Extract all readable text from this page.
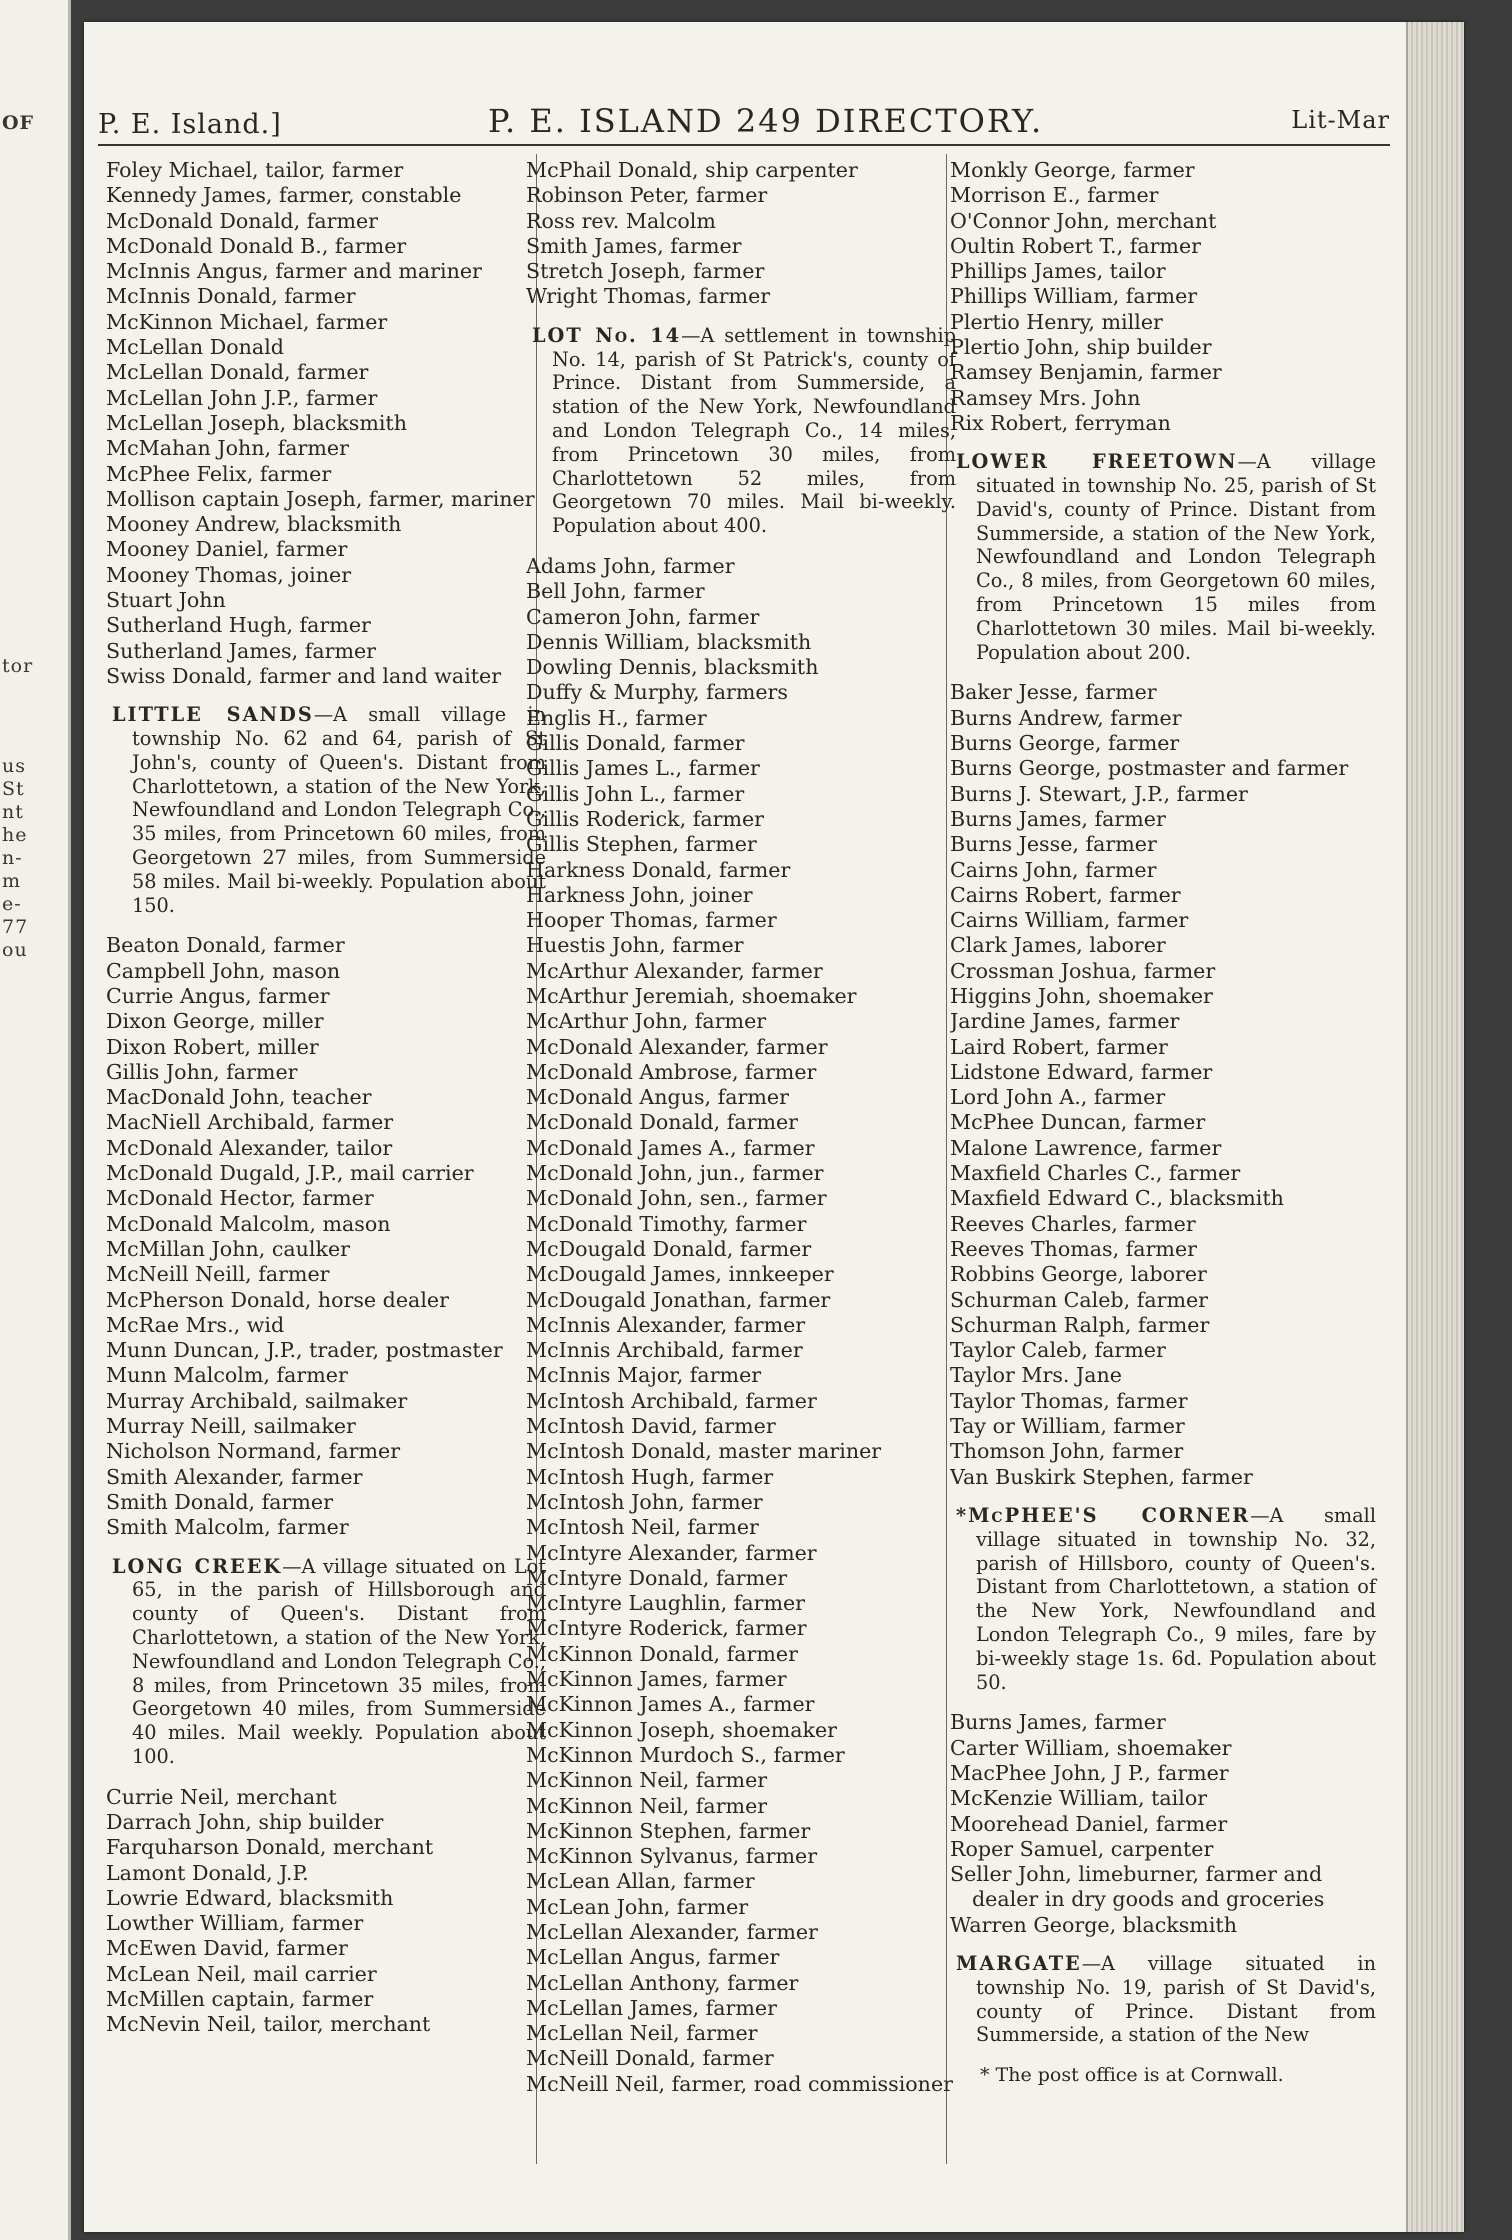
OF
tor
us
St
nt
he
n-
m
e-
77
ou
P. E. Island.]	P. E. ISLAND 249 DIRECTORY.	Lit-Mar
Foley Michael, tailor, farmer
Kennedy James, farmer, constable
McDonald Donald, farmer
McDonald Donald B., farmer
McInnis Angus, farmer and mariner
McInnis Donald, farmer
McKinnon Michael, farmer
McLellan Donald
McLellan Donald, farmer
McLellan John J.P., farmer
McLellan Joseph, blacksmith
McMahan John, farmer
McPhee Felix, farmer
Mollison captain Joseph, farmer, mariner
Mooney Andrew, blacksmith
Mooney Daniel, farmer
Mooney Thomas, joiner
Stuart John
Sutherland Hugh, farmer
Sutherland James, farmer
Swiss Donald, farmer and land waiter
LITTLE SANDS—A small village in township No. 62 and 64, parish of St John's, county of Queen's. Distant from Charlottetown, a station of the New York, Newfoundland and London Telegraph Co., 35 miles, from Princetown 60 miles, from Georgetown 27 miles, from Summerside 58 miles. Mail bi-weekly. Population about 150.
Beaton Donald, farmer
Campbell John, mason
Currie Angus, farmer
Dixon George, miller
Dixon Robert, miller
Gillis John, farmer
MacDonald John, teacher
MacNiell Archibald, farmer
McDonald Alexander, tailor
McDonald Dugald, J.P., mail carrier
McDonald Hector, farmer
McDonald Malcolm, mason
McMillan John, caulker
McNeill Neill, farmer
McPherson Donald, horse dealer
McRae Mrs., wid
Munn Duncan, J.P., trader, postmaster
Munn Malcolm, farmer
Murray Archibald, sailmaker
Murray Neill, sailmaker
Nicholson Normand, farmer
Smith Alexander, farmer
Smith Donald, farmer
Smith Malcolm, farmer
LONG CREEK—A village situated on Lot 65, in the parish of Hillsborough and county of Queen's. Distant from Charlottetown, a station of the New York, Newfoundland and London Telegraph Co., 8 miles, from Princetown 35 miles, from Georgetown 40 miles, from Summerside 40 miles. Mail weekly. Population about 100.
Currie Neil, merchant
Darrach John, ship builder
Farquharson Donald, merchant
Lamont Donald, J.P.
Lowrie Edward, blacksmith
Lowther William, farmer
McEwen David, farmer
McLean Neil, mail carrier
McMillen captain, farmer
McNevin Neil, tailor, merchant
McPhail Donald, ship carpenter
Robinson Peter, farmer
Ross rev. Malcolm
Smith James, farmer
Stretch Joseph, farmer
Wright Thomas, farmer
LOT No. 14—A settlement in township No. 14, parish of St Patrick's, county of Prince. Distant from Summerside, a station of the New York, Newfoundland and London Telegraph Co., 14 miles, from Princetown 30 miles, from Charlottetown 52 miles, from Georgetown 70 miles. Mail bi-weekly. Population about 400.
Adams John, farmer
Bell John, farmer
Cameron John, farmer
Dennis William, blacksmith
Dowling Dennis, blacksmith
Duffy & Murphy, farmers
Englis H., farmer
Gillis Donald, farmer
Gillis James L., farmer
Gillis John L., farmer
Gillis Roderick, farmer
Gillis Stephen, farmer
Harkness Donald, farmer
Harkness John, joiner
Hooper Thomas, farmer
Huestis John, farmer
McArthur Alexander, farmer
McArthur Jeremiah, shoemaker
McArthur John, farmer
McDonald Alexander, farmer
McDonald Ambrose, farmer
McDonald Angus, farmer
McDonald Donald, farmer
McDonald James A., farmer
McDonald John, jun., farmer
McDonald John, sen., farmer
McDonald Timothy, farmer
McDougald Donald, farmer
McDougald James, innkeeper
McDougald Jonathan, farmer
McInnis Alexander, farmer
McInnis Archibald, farmer
McInnis Major, farmer
McIntosh Archibald, farmer
McIntosh David, farmer
McIntosh Donald, master mariner
McIntosh Hugh, farmer
McIntosh John, farmer
McIntosh Neil, farmer
McIntyre Alexander, farmer
McIntyre Donald, farmer
McIntyre Laughlin, farmer
McIntyre Roderick, farmer
McKinnon Donald, farmer
McKinnon James, farmer
McKinnon James A., farmer
McKinnon Joseph, shoemaker
McKinnon Murdoch S., farmer
McKinnon Neil, farmer
McKinnon Neil, farmer
McKinnon Stephen, farmer
McKinnon Sylvanus, farmer
McLean Allan, farmer
McLean John, farmer
McLellan Alexander, farmer
McLellan Angus, farmer
McLellan Anthony, farmer
McLellan James, farmer
McLellan Neil, farmer
McNeill Donald, farmer
McNeill Neil, farmer, road commissioner
Monkly George, farmer
Morrison E., farmer
O'Connor John, merchant
Oultin Robert T., farmer
Phillips James, tailor
Phillips William, farmer
Plertio Henry, miller
Plertio John, ship builder
Ramsey Benjamin, farmer
Ramsey Mrs. John
Rix Robert, ferryman
LOWER FREETOWN—A village situated in township No. 25, parish of St David's, county of Prince. Distant from Summerside, a station of the New York, Newfoundland and London Telegraph Co., 8 miles, from Georgetown 60 miles, from Princetown 15 miles from Charlottetown 30 miles. Mail bi-weekly. Population about 200.
Baker Jesse, farmer
Burns Andrew, farmer
Burns George, farmer
Burns George, postmaster and farmer
Burns J. Stewart, J.P., farmer
Burns James, farmer
Burns Jesse, farmer
Cairns John, farmer
Cairns Robert, farmer
Cairns William, farmer
Clark James, laborer
Crossman Joshua, farmer
Higgins John, shoemaker
Jardine James, farmer
Laird Robert, farmer
Lidstone Edward, farmer
Lord John A., farmer
McPhee Duncan, farmer
Malone Lawrence, farmer
Maxfield Charles C., farmer
Maxfield Edward C., blacksmith
Reeves Charles, farmer
Reeves Thomas, farmer
Robbins George, laborer
Schurman Caleb, farmer
Schurman Ralph, farmer
Taylor Caleb, farmer
Taylor Mrs. Jane
Taylor Thomas, farmer
Tay or William, farmer
Thomson John, farmer
Van Buskirk Stephen, farmer
*McPHEE'S CORNER—A small village situated in township No. 32, parish of Hillsboro, county of Queen's. Distant from Charlottetown, a station of the New York, Newfoundland and London Telegraph Co., 9 miles, fare by bi-weekly stage 1s. 6d. Population about 50.
Burns James, farmer
Carter William, shoemaker
MacPhee John, J P., farmer
McKenzie William, tailor
Moorehead Daniel, farmer
Roper Samuel, carpenter
Seller John, limeburner, farmer and dealer in dry goods and groceries
Warren George, blacksmith
MARGATE—A village situated in township No. 19, parish of St David's, county of Prince. Distant from Summerside, a station of the New
* The post office is at Cornwall.
